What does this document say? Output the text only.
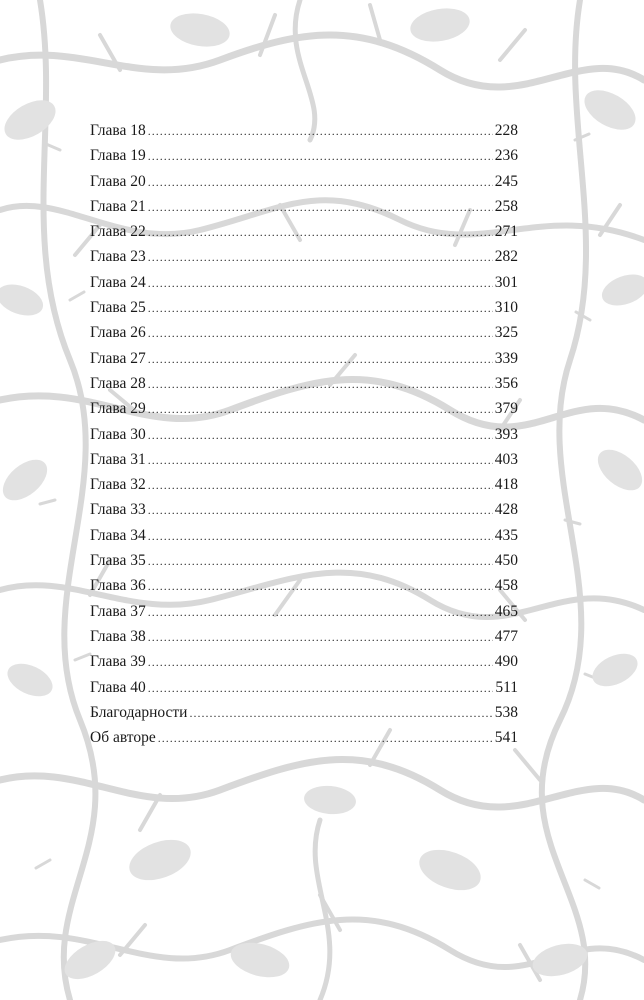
Глава 18 .....	228
Глава 19 .....	236
Глава 20 .....	245
Глава 21 .....	258
Глава 22 .....	271
Глава 23 .....	282
Глава 24 .....	301
Глава 25 .....	310
Глава 26 .....	325
Глава 27 .....	339
Глава 28 .....	356
Глава 29 .....	379
Глава 30 .....	393
Глава 31 .....	403
Глава 32 .....	418
Глава 33 .....	428
Глава 34 .....	435
Глава 35 .....	450
Глава 36 .....	458
Глава 37 .....	465
Глава 38 .....	477
Глава 39 .....	490
Глава 40 .....	511
Благодарности .....	538
Об авторе .....	541
